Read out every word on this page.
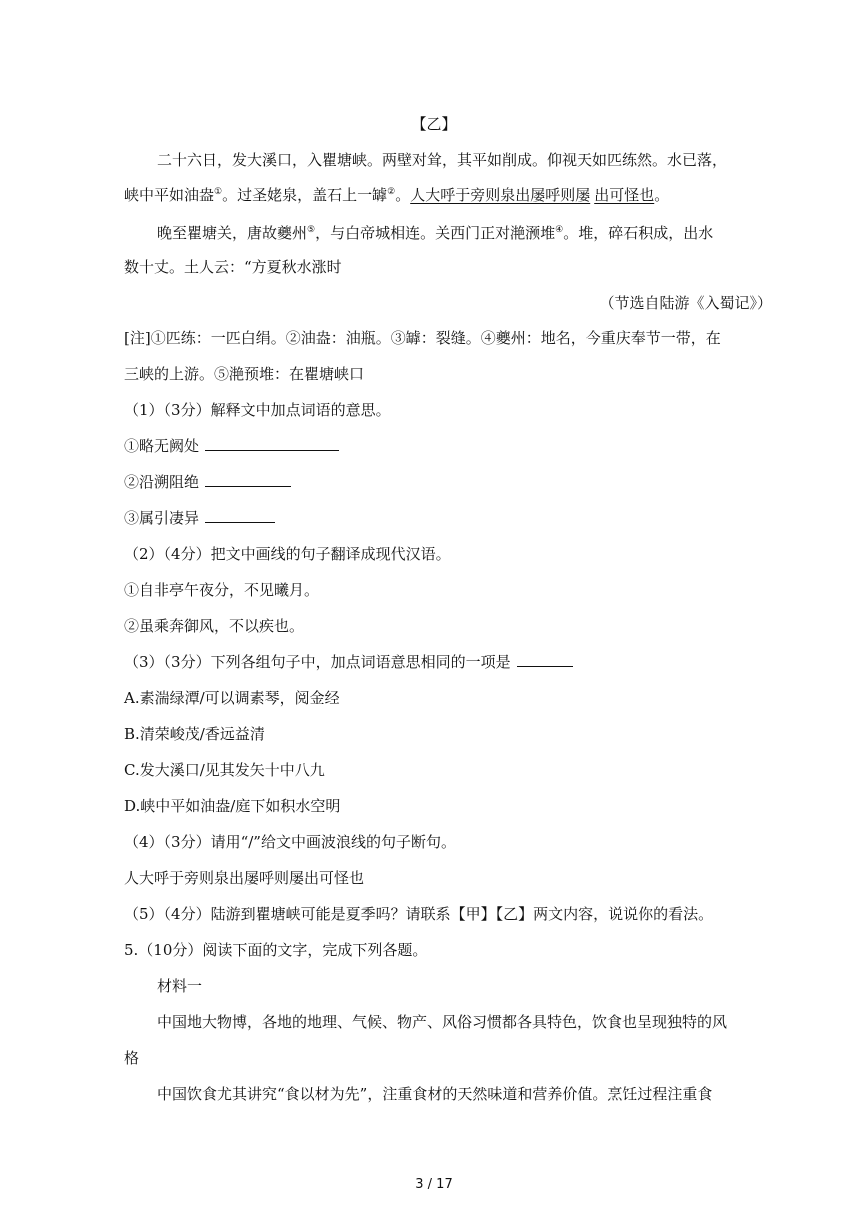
【乙】
二十六日，发大溪口，入瞿塘峡。两壁对耸，其平如削成。仰视天如匹练然。水已落，
峡中平如油盎①。过圣姥泉，盖石上一罅②。人大呼于旁则泉出屡呼则屡 出可怪也。
晚至瞿塘关，唐故夔州⑤，与白帝城相连。关西门正对滟滪堆④。堆，碎石积成，出水
数十丈。土人云：“方夏秋水涨时
（节选自陆游《入蜀记》）
[注]①匹练：一匹白绢。②油盎：油瓶。③罅：裂缝。④夔州：地名，今重庆奉节一带，在
三峡的上游。⑤滟预堆：在瞿塘峡口
（1）（3分）解释文中加点词语的意思。
①略无阙处
②沿溯阻绝
③属引凄异
（2）（4分）把文中画线的句子翻译成现代汉语。
①自非亭午夜分，不见曦月。
②虽乘奔御风，不以疾也。
（3）（3分）下列各组句子中，加点词语意思相同的一项是
A.素湍绿潭/可以调素琴，阅金经
B.清荣峻茂/香远益清
C.发大溪口/见其发矢十中八九
D.峡中平如油盎/庭下如积水空明
（4）（3分）请用“/”给文中画波浪线的句子断句。
人大呼于旁则泉出屡呼则屡出可怪也
（5）（4分）陆游到瞿塘峡可能是夏季吗？请联系【甲】【乙】两文内容，说说你的看法。
5.（10分）阅读下面的文字，完成下列各题。
材料一
中国地大物博，各地的地理、气候、物产、风俗习惯都各具特色，饮食也呈现独特的风
格
中国饮食尤其讲究“食以材为先”，注重食材的天然味道和营养价值。烹饪过程注重食
3 / 17
